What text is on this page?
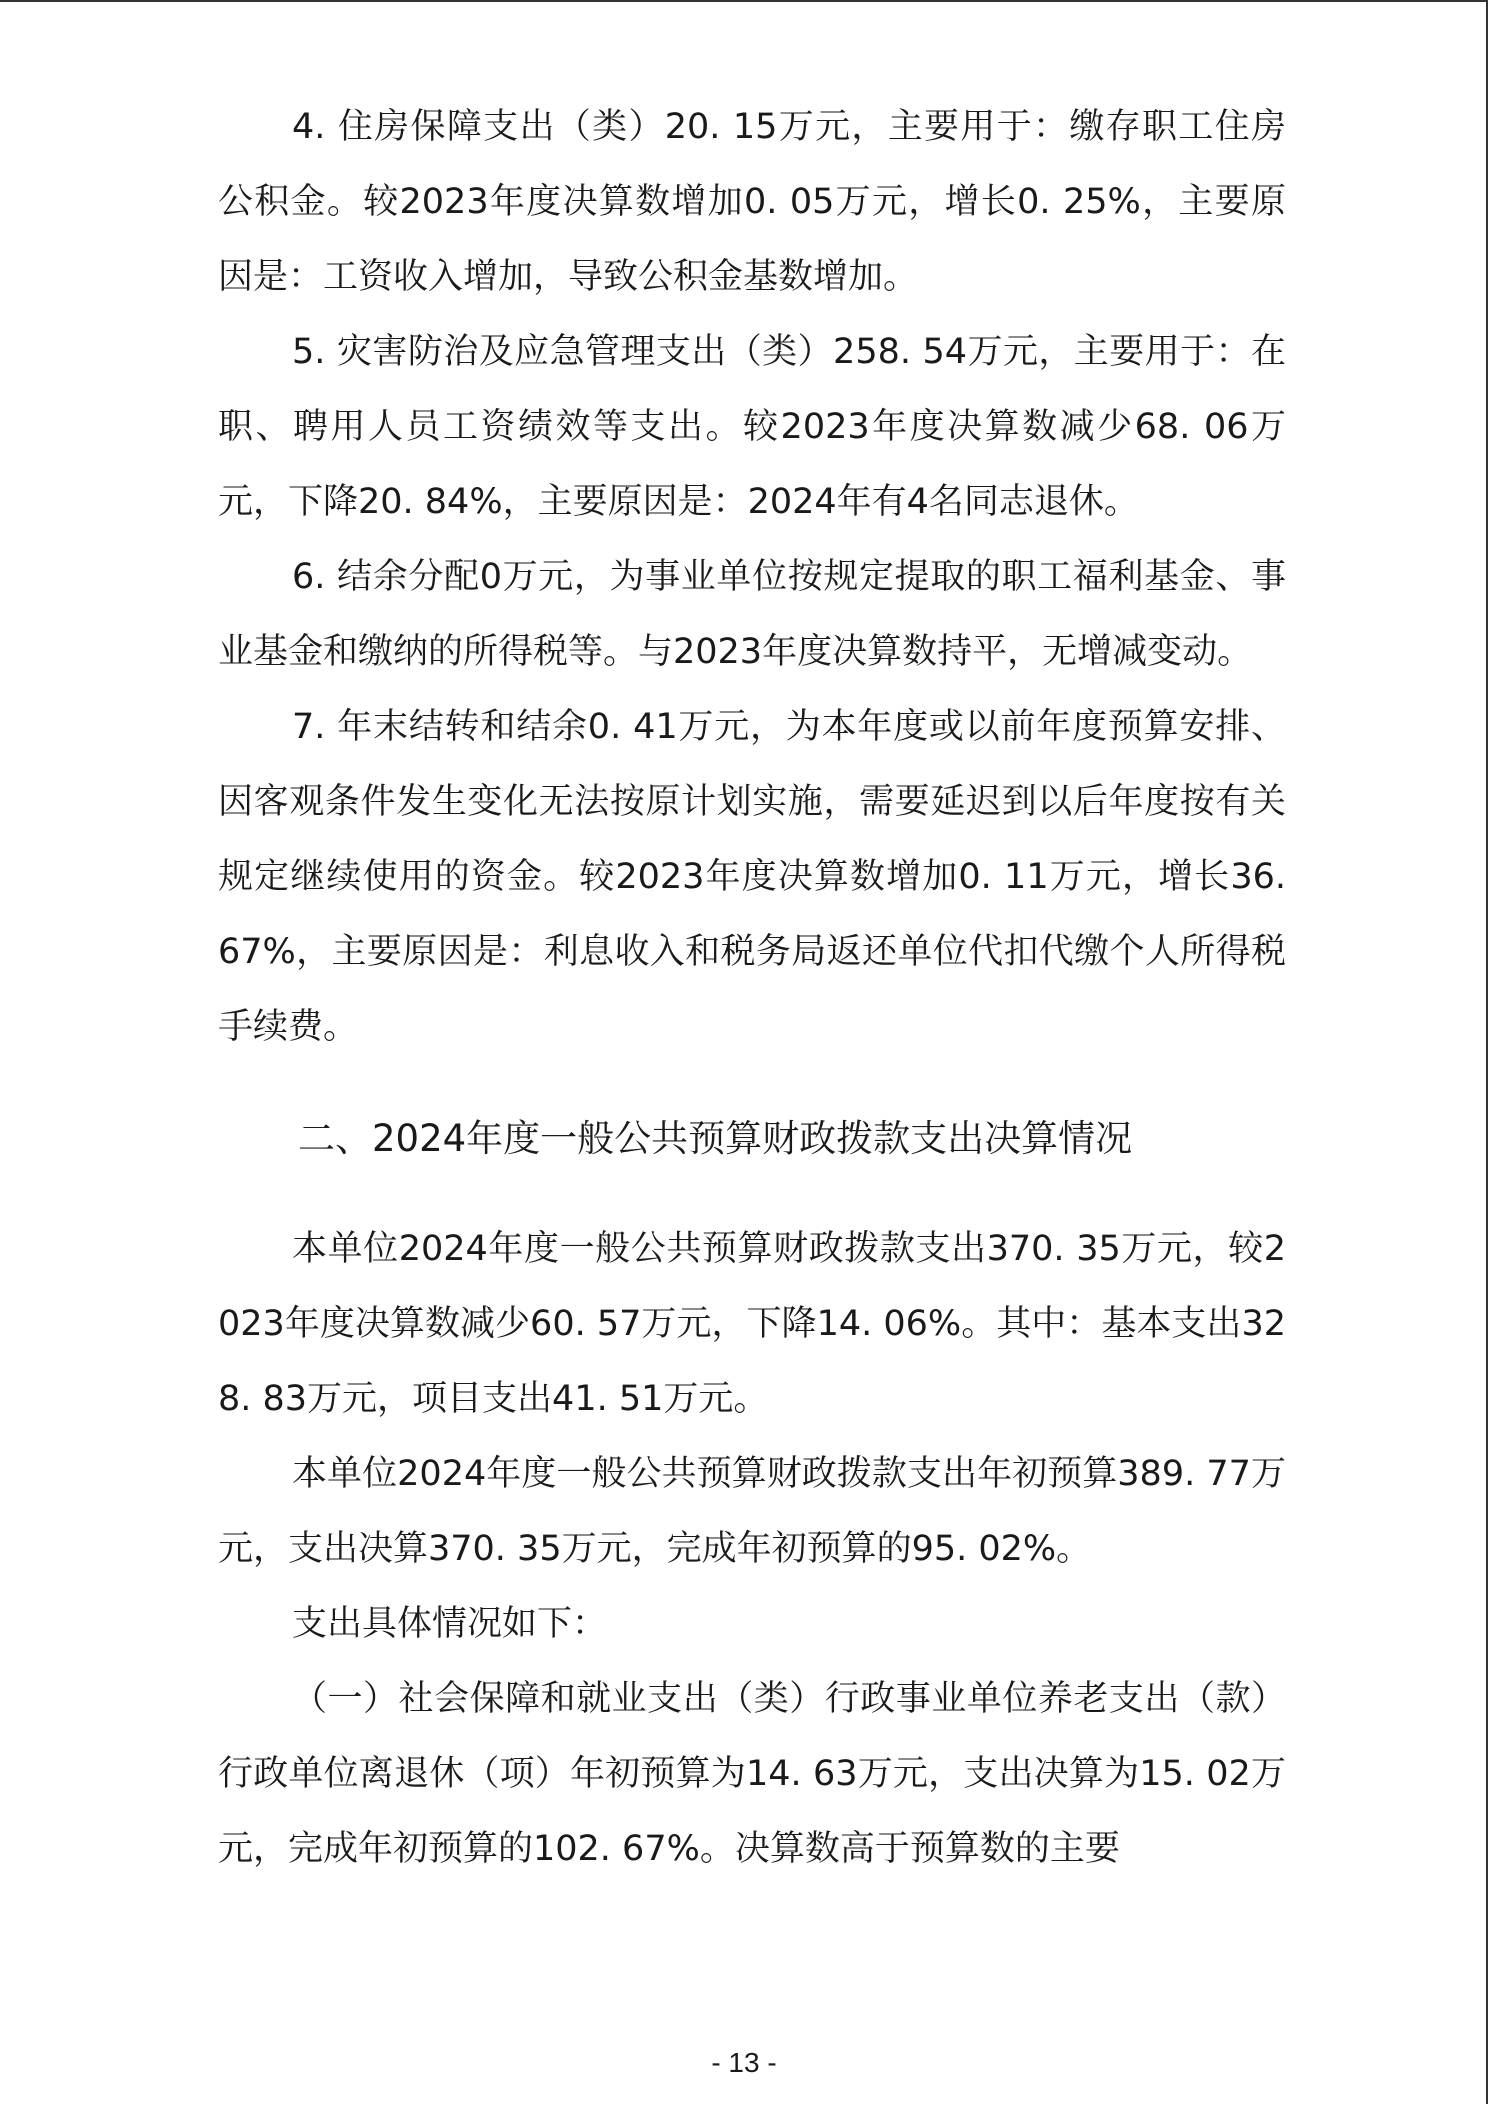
4. 住房保障支出（类）20. 15万元，主要用于：缴存职工住房公积金。较2023年度决算数增加0. 05万元，增长0. 25%，主要原因是：工资收入增加，导致公积金基数增加。

5. 灾害防治及应急管理支出（类）258. 54万元，主要用于：在职、聘用人员工资绩效等支出。较2023年度决算数减少68. 06万元，下降20. 84%，主要原因是：2024年有4名同志退休。

6. 结余分配0万元，为事业单位按规定提取的职工福利基金、事业基金和缴纳的所得税等。与2023年度决算数持平，无增减变动。

7. 年末结转和结余0. 41万元，为本年度或以前年度预算安排、因客观条件发生变化无法按原计划实施，需要延迟到以后年度按有关规定继续使用的资金。较2023年度决算数增加0. 11万元，增长36. 67%，主要原因是：利息收入和税务局返还单位代扣代缴个人所得税手续费。

二、2024年度一般公共预算财政拨款支出决算情况

本单位2024年度一般公共预算财政拨款支出370. 35万元，较2023年度决算数减少60. 57万元，下降14. 06%。其中：基本支出328. 83万元，项目支出41. 51万元。

本单位2024年度一般公共预算财政拨款支出年初预算389. 77万元，支出决算370. 35万元，完成年初预算的95. 02%。

支出具体情况如下：

（一）社会保障和就业支出（类）行政事业单位养老支出（款）行政单位离退休（项）年初预算为14. 63万元，支出决算为15. 02万元，完成年初预算的102. 67%。决算数高于预算数的主要

- 13 -
